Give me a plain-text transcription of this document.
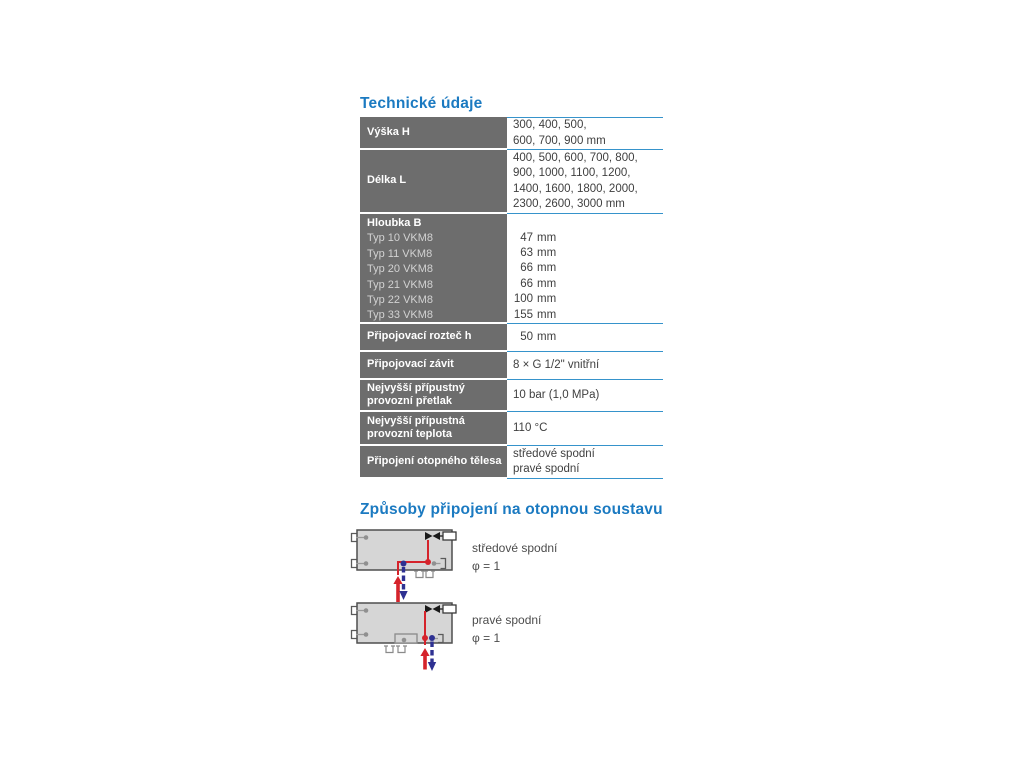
Technické údaje
Výška H
300, 400, 500,
600, 700, 900 mm
Délka L
400, 500, 600, 700, 800,
900, 1000, 1100, 1200,
1400, 1600, 1800, 2000,
2300, 2600, 3000 mm
Hloubka B
Typ 10 VKM8
Typ 11 VKM8
Typ 20 VKM8
Typ 21 VKM8
Typ 22 VKM8
Typ 33 VKM8
47 mm
63 mm
66 mm
66 mm
100 mm
155 mm
Připojovací rozteč h	50 mm
Připojovací závit	8 × G 1/2" vnitřní
Nejvyšší přípustný provozní přetlak
10 bar (1,0 MPa)
Nejvyšší přípustná provozní teplota
110 °C
Připojení otopného tělesa
středové spodní
pravé spodní
Způsoby připojení na otopnou soustavu
středové spodní
φ = 1
pravé spodní
φ = 1
